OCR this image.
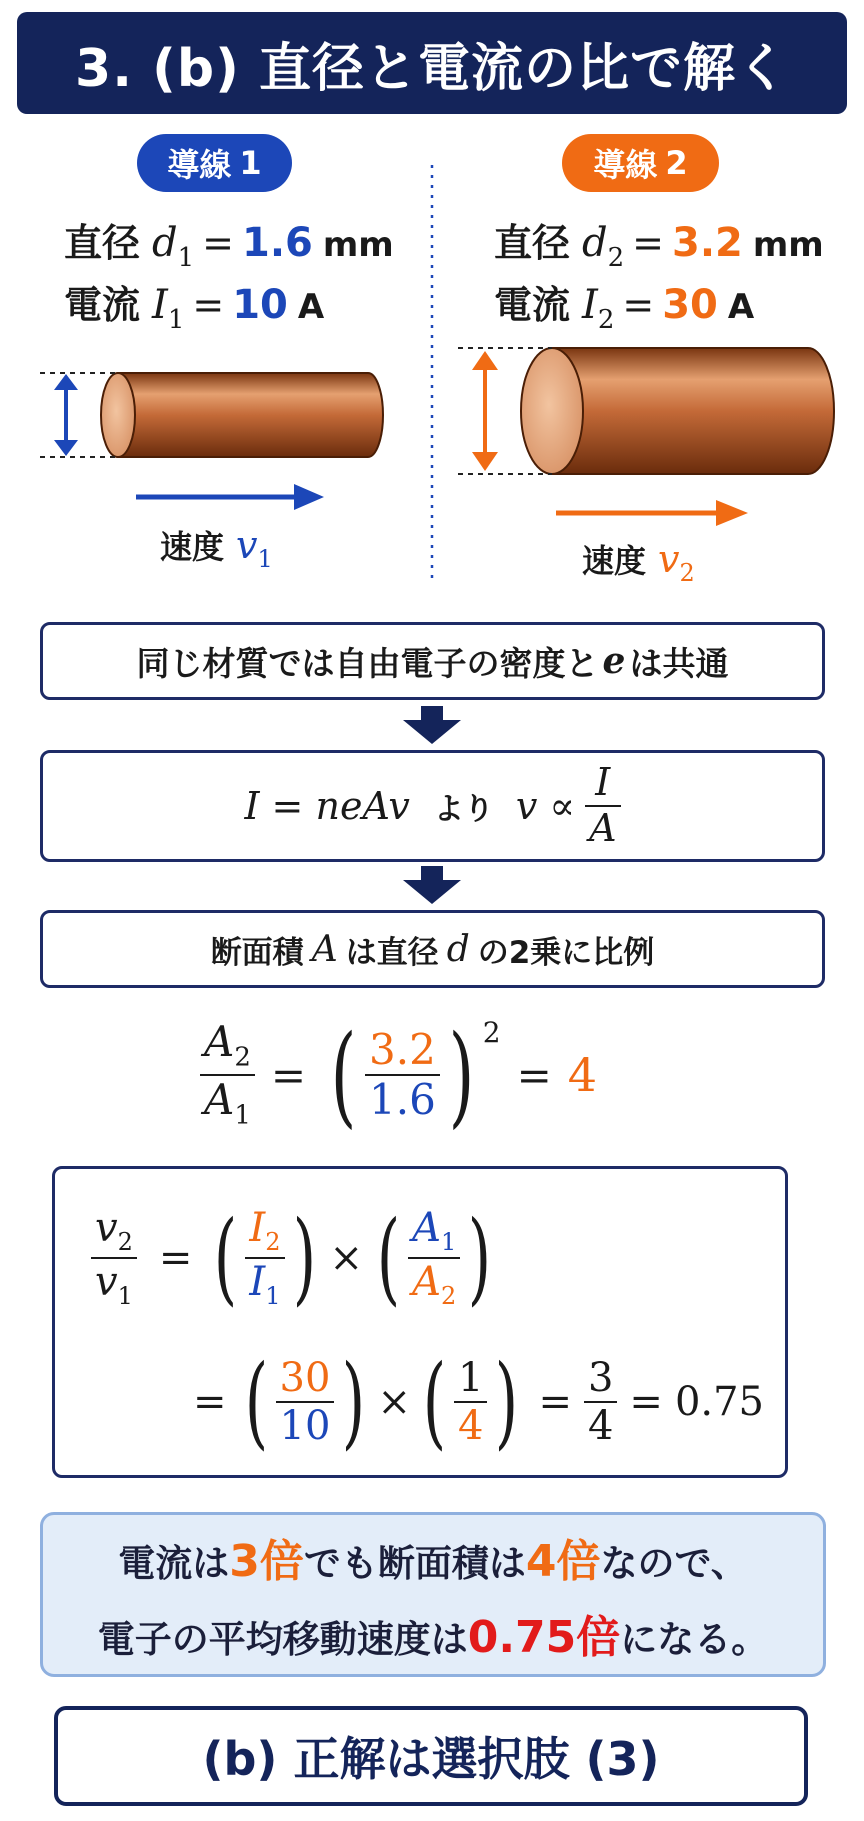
3. (b) 直径と電流の比で解く
導線 1	導線 2
直径 d 1 = 1.6 mm
電流 I 1 = 10 A
直径 d 2 = 3.2 mm
電流 I 2 = 30 A
速度 v 1	速度 v 2
同じ材質では自由電子の密度と e は共通
I = neAv より $v \propto \frac{I}{A}$
断面積 A は直径 d の2乗に比例
$\frac{A_2}{A_1}$ = ( $\frac{3.2}{1.6}$ ) 2
= 4
$\frac{v_2}{v_1}$ = ( $\frac{I_2}{I_1}$ ) × ( $\frac{A_1}{A_2}$ )
= ( $\frac{30}{10}$ ) × ( $\frac{1}{4}$ ) = $\frac{3}{4} = 0.75$
電流は3倍でも断面積は4倍なので、
電子の平均移動速度は0.75倍になる。
(b) 正解は選択肢 (3)
